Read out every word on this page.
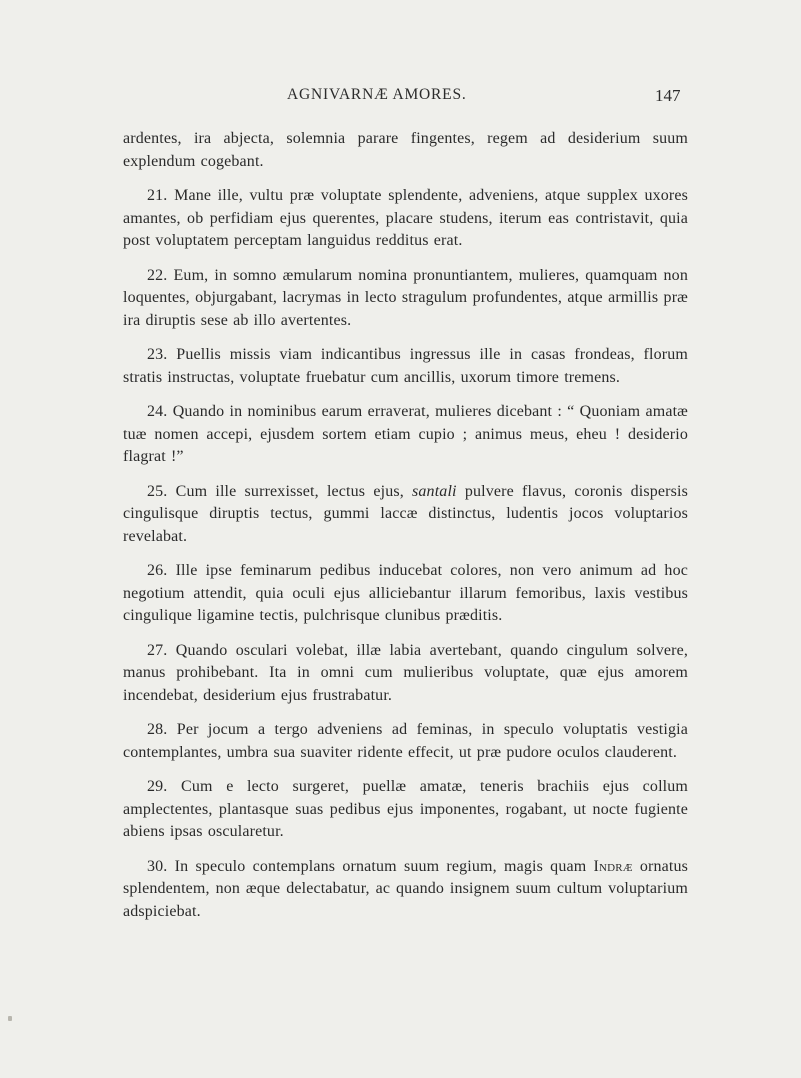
AGNIVARNÆ AMORES.	147

ardentes, ira abjecta, solemnia parare fingentes, regem ad desiderium suum explendum cogebant.

21. Mane ille, vultu præ voluptate splendente, adveniens, atque supplex uxores amantes, ob perfidiam ejus querentes, placare studens, iterum eas contristavit, quia post voluptatem perceptam languidus redditus erat.

22. Eum, in somno æmularum nomina pronuntiantem, mulieres, quamquam non loquentes, objurgabant, lacrymas in lecto stragulum profundentes, atque armillis præ ira diruptis sese ab illo avertentes.

23. Puellis missis viam indicantibus ingressus ille in casas frondeas, florum stratis instructas, voluptate fruebatur cum ancillis, uxorum timore tremens.

24. Quando in nominibus earum erraverat, mulieres dicebant : “ Quoniam amatæ tuæ nomen accepi, ejusdem sortem etiam cupio ; animus meus, eheu ! desiderio flagrat !”

25. Cum ille surrexisset, lectus ejus, santali pulvere flavus, coronis dispersis cingulisque diruptis tectus, gummi laccæ distinctus, ludentis jocos voluptarios revelabat.

26. Ille ipse feminarum pedibus inducebat colores, non vero animum ad hoc negotium attendit, quia oculi ejus alliciebantur illarum femoribus, laxis vestibus cingulique ligamine tectis, pulchrisque clunibus præditis.

27. Quando osculari volebat, illæ labia avertebant, quando cingulum solvere, manus prohibebant. Ita in omni cum mulieribus voluptate, quæ ejus amorem incendebat, desiderium ejus frustrabatur.

28. Per jocum a tergo adveniens ad feminas, in speculo voluptatis vestigia contemplantes, umbra sua suaviter ridente effecit, ut præ pudore oculos clauderent.

29. Cum e lecto surgeret, puellæ amatæ, teneris brachiis ejus collum amplectentes, plantasque suas pedibus ejus imponentes, rogabant, ut nocte fugiente abiens ipsas oscularetur.

30. In speculo contemplans ornatum suum regium, magis quam Indræ ornatus splendentem, non æque delectabatur, ac quando insignem suum cultum voluptarium adspiciebat.
